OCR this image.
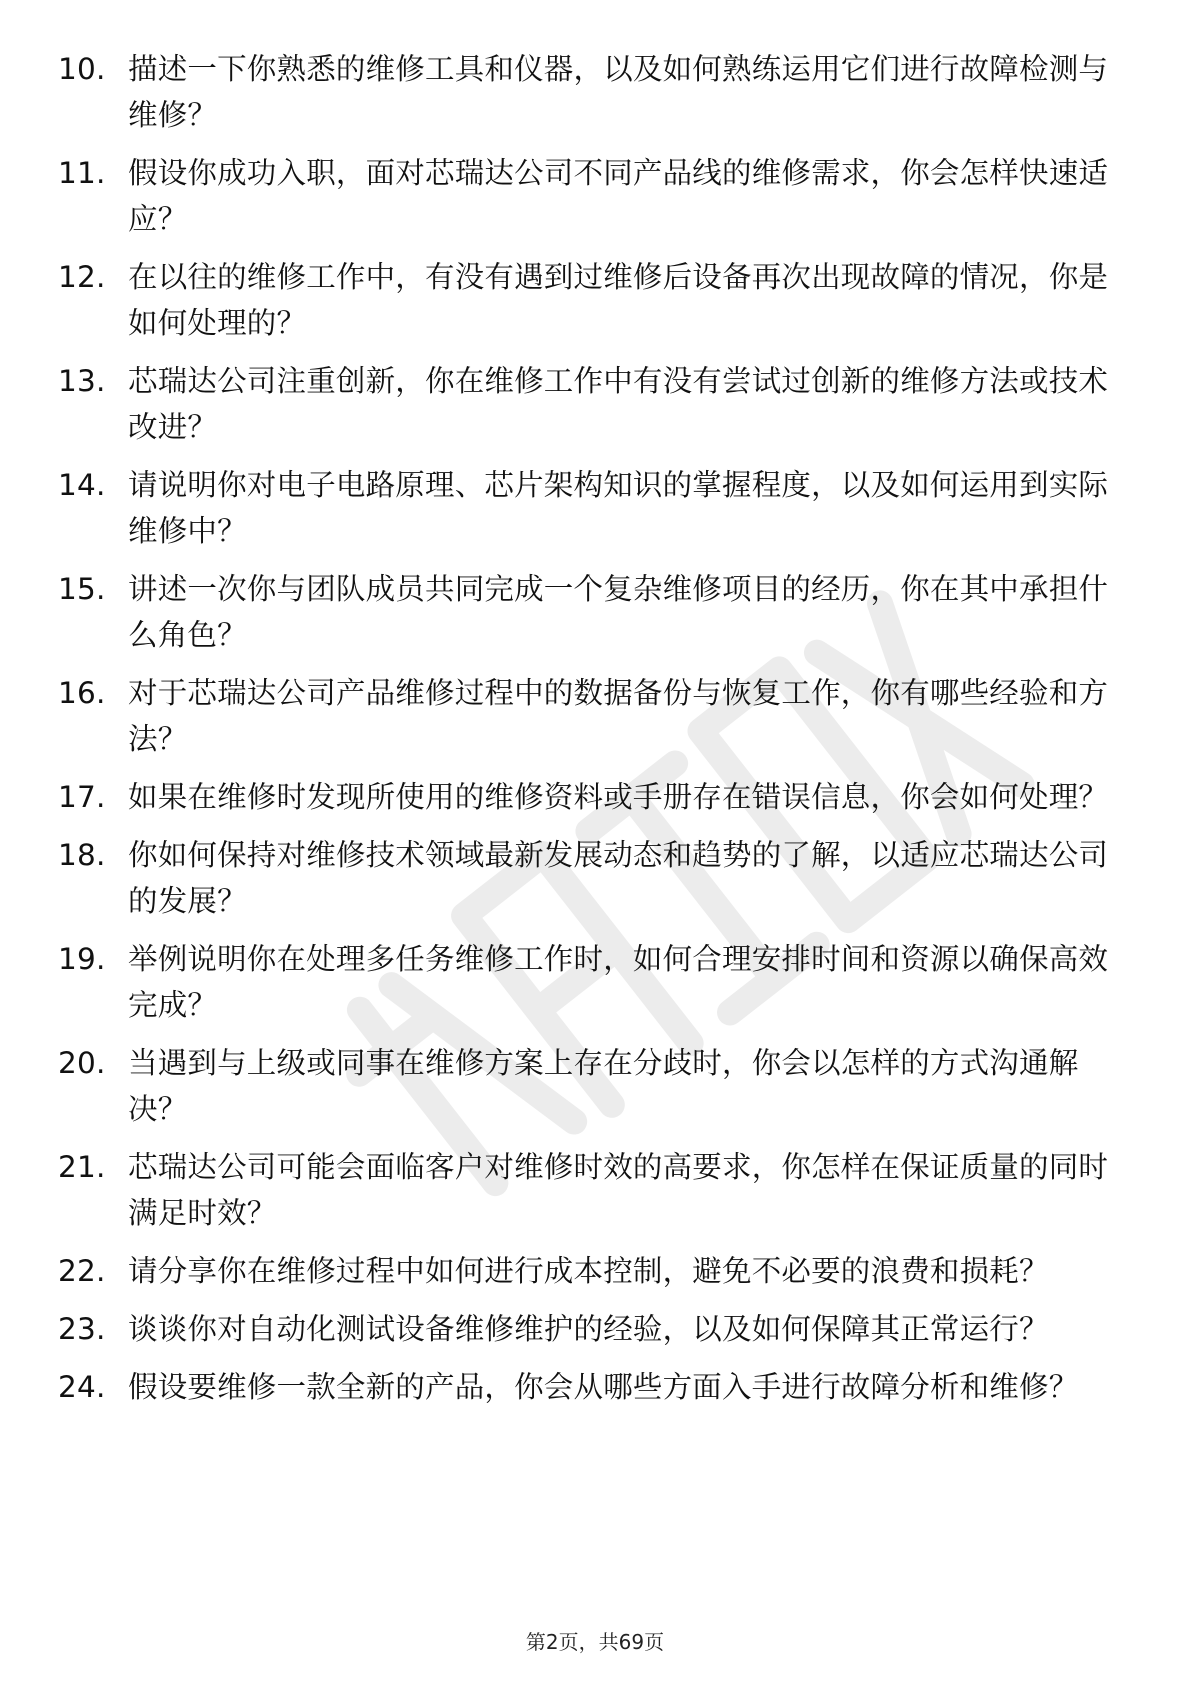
10. 描述一下你熟悉的维修工具和仪器，以及如何熟练运用它们进行故障检测与维修？
11. 假设你成功入职，面对芯瑞达公司不同产品线的维修需求，你会怎样快速适应？
12. 在以往的维修工作中，有没有遇到过维修后设备再次出现故障的情况，你是如何处理的？
13. 芯瑞达公司注重创新，你在维修工作中有没有尝试过创新的维修方法或技术改进？
14. 请说明你对电子电路原理、芯片架构知识的掌握程度，以及如何运用到实际维修中？
15. 讲述一次你与团队成员共同完成一个复杂维修项目的经历，你在其中承担什么角色？
16. 对于芯瑞达公司产品维修过程中的数据备份与恢复工作，你有哪些经验和方法？
17. 如果在维修时发现所使用的维修资料或手册存在错误信息，你会如何处理？
18. 你如何保持对维修技术领域最新发展动态和趋势的了解，以适应芯瑞达公司的发展？
19. 举例说明你在处理多任务维修工作时，如何合理安排时间和资源以确保高效完成？
20. 当遇到与上级或同事在维修方案上存在分歧时，你会以怎样的方式沟通解决？
21. 芯瑞达公司可能会面临客户对维修时效的高要求，你怎样在保证质量的同时满足时效？
22. 请分享你在维修过程中如何进行成本控制，避免不必要的浪费和损耗？
23. 谈谈你对自动化测试设备维修维护的经验，以及如何保障其正常运行？
24. 假设要维修一款全新的产品，你会从哪些方面入手进行故障分析和维修？
第2页，共69页
